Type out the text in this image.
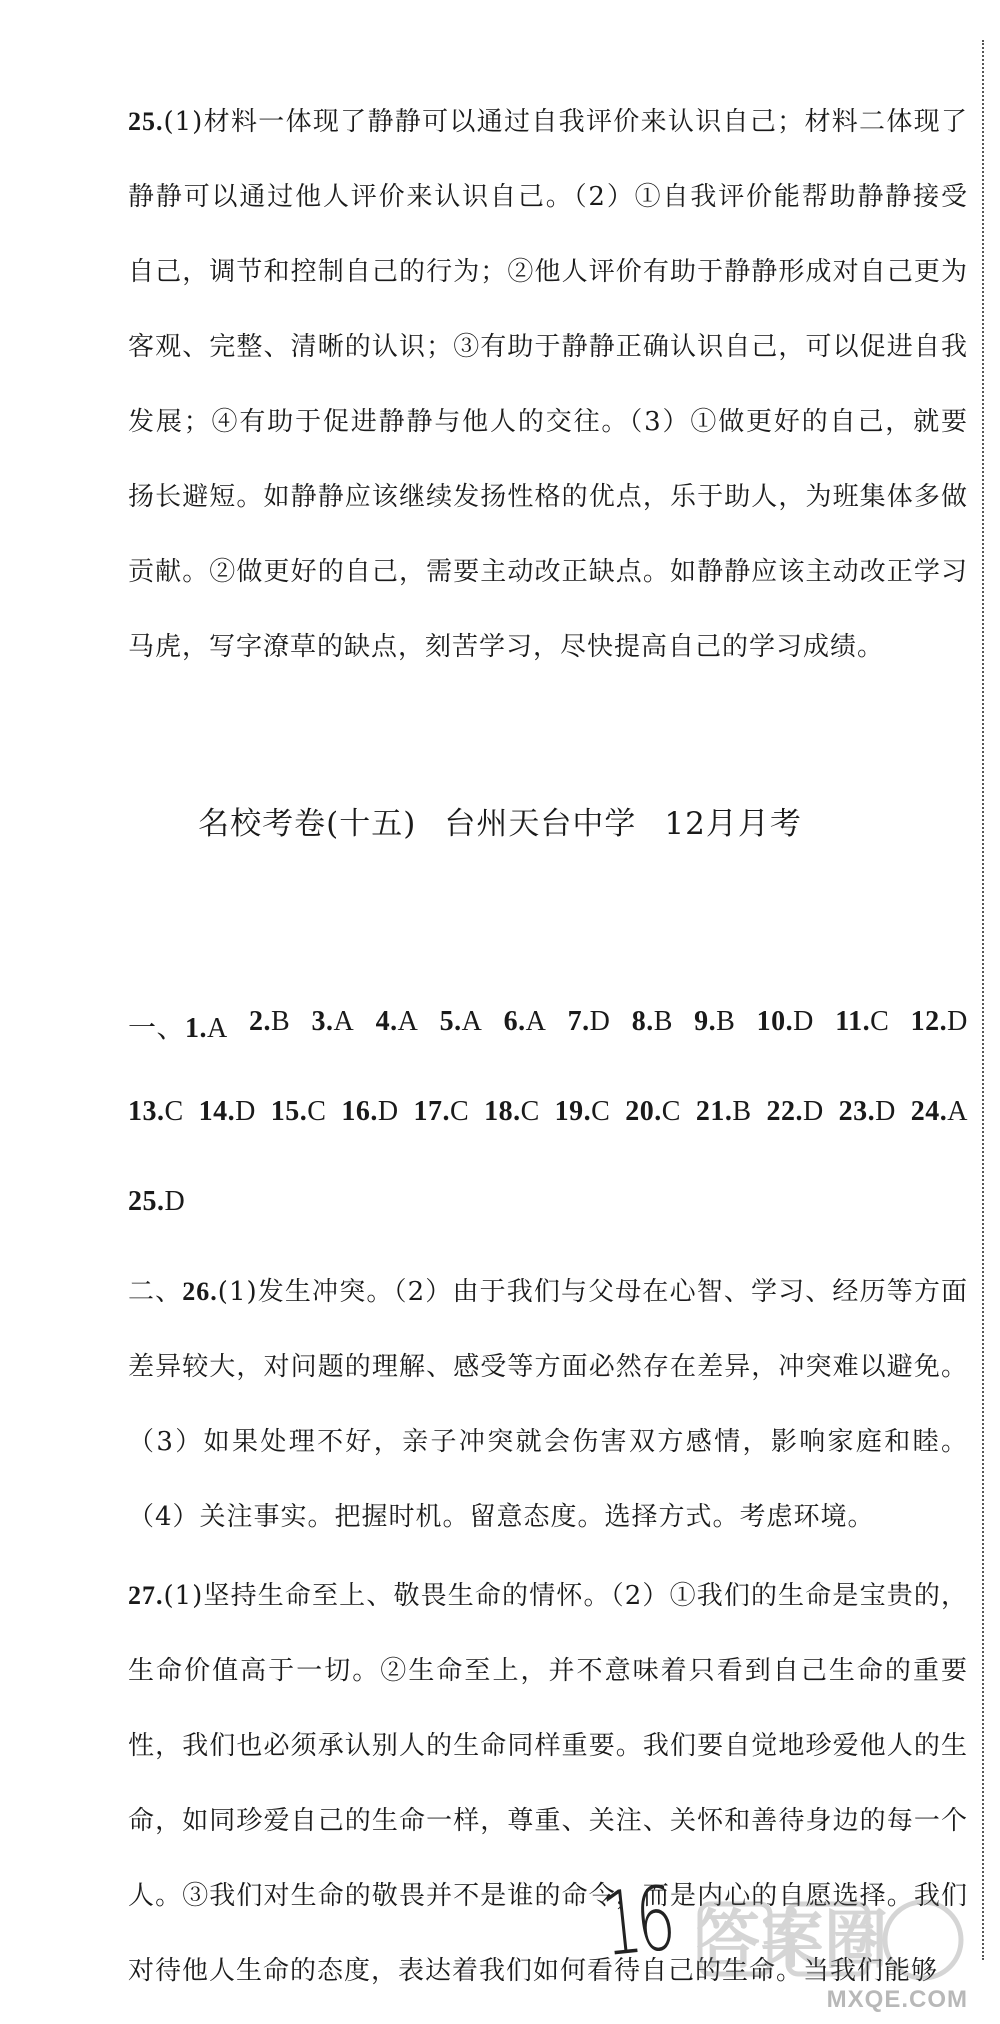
25.(1)材料一体现了静静可以通过自我评价来认识自己；材料二体现了静静可以通过他人评价来认识自己。（2）①自我评价能帮助静静接受自己，调节和控制自己的行为；②他人评价有助于静静形成对自己更为客观、完整、清晰的认识；③有助于静静正确认识自己，可以促进自我发展；④有助于促进静静与他人的交往。（3）①做更好的自己，就要扬长避短。如静静应该继续发扬性格的优点，乐于助人，为班集体多做贡献。②做更好的自己，需要主动改正缺点。如静静应该主动改正学习马虎，写字潦草的缺点，刻苦学习，尽快提高自己的学习成绩。
名校考卷(十五) 台州天台中学 12月月考
一、1.A 2.B 3.A 4.A 5.A 6.A 7.D 8.B 9.B 10.D 11.C 12.D
13.C 14.D 15.C 16.D 17.C 18.C 19.C 20.C 21.B 22.D 23.D 24.A
25.D
二、26.(1)发生冲突。（2）由于我们与父母在心智、学习、经历等方面差异较大，对问题的理解、感受等方面必然存在差异，冲突难以避免。（3）如果处理不好，亲子冲突就会伤害双方感情，影响家庭和睦。（4）关注事实。把握时机。留意态度。选择方式。考虑环境。
27.(1)坚持生命至上、敬畏生命的情怀。（2）①我们的生命是宝贵的，生命价值高于一切。②生命至上，并不意味着只看到自己生命的重要性，我们也必须承认别人的生命同样重要。我们要自觉地珍爱他人的生命，如同珍爱自己的生命一样，尊重、关注、关怀和善待身边的每一个人。③我们对生命的敬畏并不是谁的命令，而是内心的自愿选择。我们对待他人生命的态度，表达着我们如何看待自己的生命。当我们能够
16 答案圈
MXQE.COM
